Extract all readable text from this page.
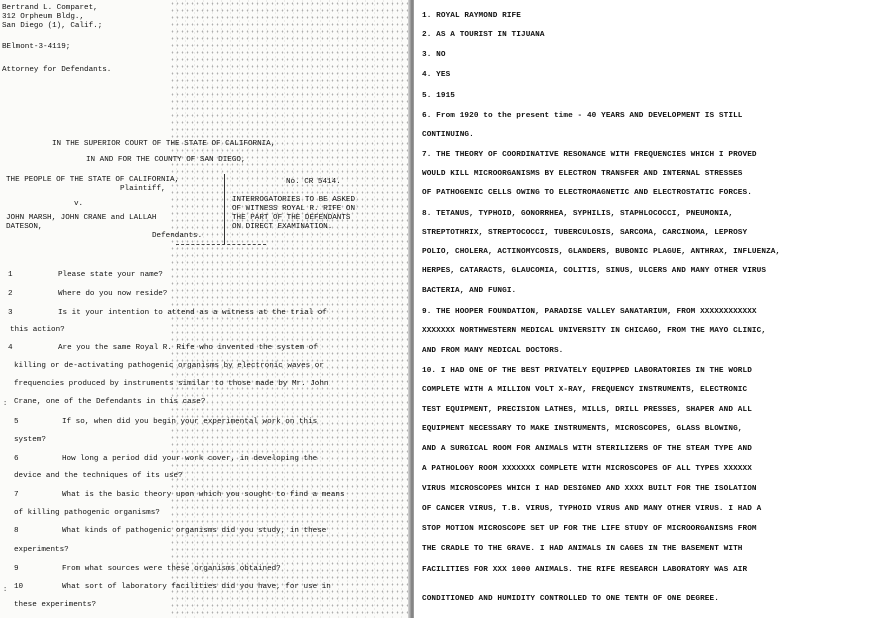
Bertrand L. Comparet,
312 Orpheum Bldg.,
San Diego (1), Calif.;
BElmont-3-4119;
Attorney for Defendants.
IN THE SUPERIOR COURT OF THE STATE OF CALIFORNIA,
IN AND FOR THE COUNTY OF SAN DIEGO,
THE PEOPLE OF THE STATE OF CALIFORNIA,
Plaintiff,
v.
JOHN MARSH, JOHN CRANE and LALLAH
DATESON,
Defendants.
No. CR 5414.
INTERROGATORIES TO BE ASKED
OF WITNESS ROYAL R. RIFE ON
THE PART OF THE DEFENDANTS
ON DIRECT EXAMINATION.
1	Please state your name?
2	Where do you now reside?
3	Is it your intention to attend as a witness at the trial of
this action?
4	Are you the same Royal R. Rife who invented the system of
killing or de-activating pathogenic organisms by electronic waves or
frequencies produced by instruments similar to those made by Mr. John
Crane, one of the Defendants in this case?
5	If so, when did you begin your experimental work on this
system?
6	How long a period did your work cover, in developing the
device and the techniques of its use?
7	What is the basic theory upon which you sought to find a means
of killing pathogenic organisms?
8	What kinds of pathogenic organisms did you study, in these
experiments?
9	From what sources were these organisms obtained?
10	What sort of laboratory facilities did you have, for use in
these experiments?
:
:
1. ROYAL RAYMOND RIFE
2. AS A TOURIST IN TIJUANA
3. NO
4. YES
5. 1915
6. From 1920 to the present time - 40 YEARS AND DEVELOPMENT IS STILL
CONTINUING.
7. THE THEORY OF COORDINATIVE RESONANCE WITH FREQUENCIES WHICH I PROVED
WOULD KILL MICROORGANISMS BY ELECTRON TRANSFER AND INTERNAL STRESSES
OF PATHOGENIC CELLS OWING TO ELECTROMAGNETIC AND ELECTROSTATIC FORCES.
8. TETANUS, TYPHOID, GONORRHEA, SYPHILIS, STAPHLOCOCCI, PNEUMONIA,
STREPTOTHRIX, STREPTOCOCCI, TUBERCULOSIS, SARCOMA, CARCINOMA, LEPROSY
POLIO, CHOLERA, ACTINOMYCOSIS, GLANDERS, BUBONIC PLAGUE, ANTHRAX, INFLUENZA,
HERPES, CATARACTS, GLAUCOMIA, COLITIS, SINUS, ULCERS AND MANY OTHER VIRUS
BACTERIA, AND FUNGI.
9. THE HOOPER FOUNDATION, PARADISE VALLEY SANATARIUM, FROM XXXXXXXXXXXX
XXXXXXX NORTHWESTERN MEDICAL UNIVERSITY IN CHICAGO, FROM THE MAYO CLINIC,
AND FROM MANY MEDICAL DOCTORS.
10. I HAD ONE OF THE BEST PRIVATELY EQUIPPED LABORATORIES IN THE WORLD
COMPLETE WITH A MILLION VOLT X-RAY, FREQUENCY INSTRUMENTS, ELECTRONIC
TEST EQUIPMENT, PRECISION LATHES, MILLS, DRILL PRESSES, SHAPER AND ALL
EQUIPMENT NECESSARY TO MAKE INSTRUMENTS, MICROSCOPES, GLASS BLOWING,
AND A SURGICAL ROOM FOR ANIMALS WITH STERILIZERS OF THE STEAM TYPE AND
A PATHOLOGY ROOM XXXXXXX COMPLETE WITH MICROSCOPES OF ALL TYPES XXXXXX
VIRUS MICROSCOPES WHICH I HAD DESIGNED AND XXXX BUILT FOR THE ISOLATION
OF CANCER VIRUS, T.B. VIRUS, TYPHOID VIRUS AND MANY OTHER VIRUS. I HAD A
STOP MOTION MICROSCOPE SET UP FOR THE LIFE STUDY OF MICROORGANISMS FROM
THE CRADLE TO THE GRAVE. I HAD ANIMALS IN CAGES IN THE BASEMENT WITH
FACILITIES FOR XXX 1000 ANIMALS. THE RIFE RESEARCH LABORATORY WAS AIR
CONDITIONED AND HUMIDITY CONTROLLED TO ONE TENTH OF ONE DEGREE.
